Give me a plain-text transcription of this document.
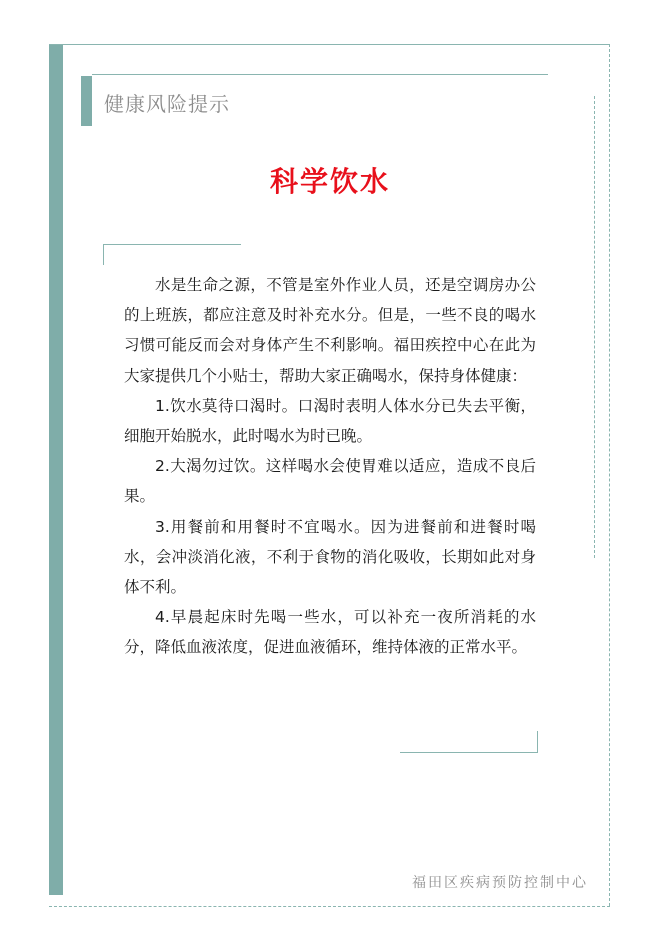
健康风险提示
科学饮水

水是生命之源，不管是室外作业人员，还是空调房办公的上班族，都应注意及时补充水分。但是，一些不良的喝水习惯可能反而会对身体产生不利影响。福田疾控中心在此为大家提供几个小贴士，帮助大家正确喝水，保持身体健康：

1.饮水莫待口渴时。口渴时表明人体水分已失去平衡，细胞开始脱水，此时喝水为时已晚。

2.大渴勿过饮。这样喝水会使胃难以适应，造成不良后果。

3.用餐前和用餐时不宜喝水。因为进餐前和进餐时喝水，会冲淡消化液，不利于食物的消化吸收，长期如此对身体不利。

4.早晨起床时先喝一些水，可以补充一夜所消耗的水分，降低血液浓度，促进血液循环，维持体液的正常水平。

福田区疾病预防控制中心
